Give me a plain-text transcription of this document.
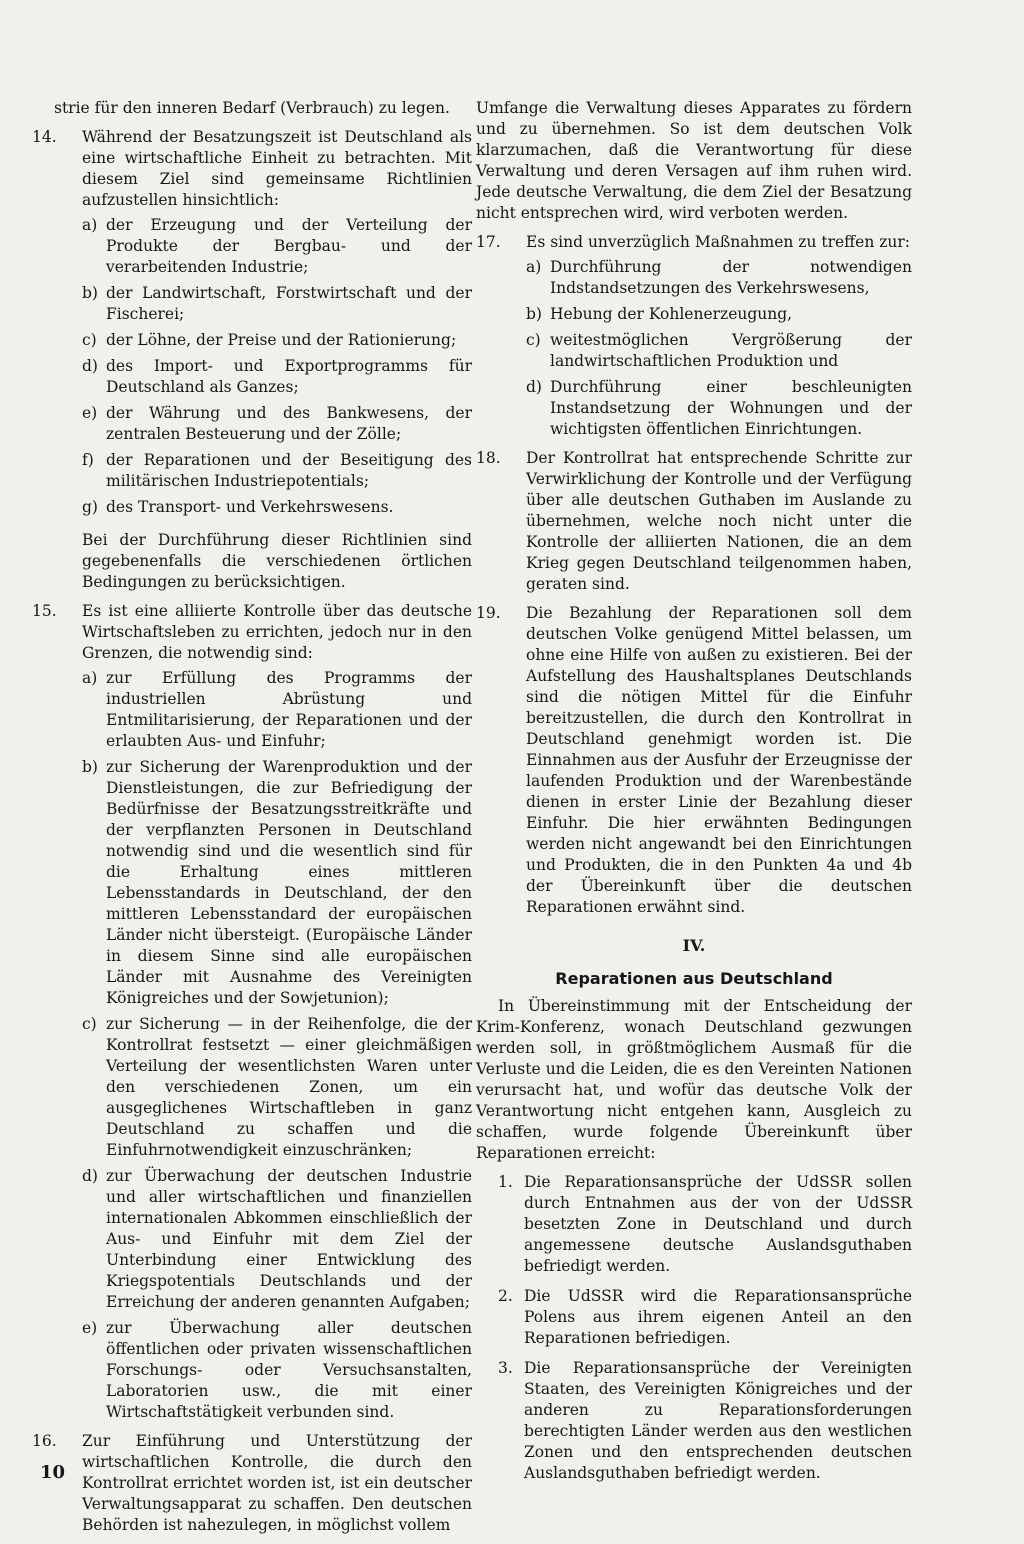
strie für den inneren Bedarf (Verbrauch) zu legen.

14. Während der Besatzungszeit ist Deutschland als eine wirtschaftliche Einheit zu betrachten. Mit diesem Ziel sind gemeinsame Richtlinien aufzustellen hinsichtlich:
a) der Erzeugung und der Verteilung der Produkte der Bergbau- und der verarbeitenden Industrie;
b) der Landwirtschaft, Forstwirtschaft und der Fischerei;
c) der Löhne, der Preise und der Rationierung;
d) des Import- und Exportprogramms für Deutschland als Ganzes;
e) der Währung und des Bankwesens, der zentralen Besteuerung und der Zölle;
f) der Reparationen und der Beseitigung des militärischen Industriepotentials;
g) des Transport- und Verkehrswesens.
Bei der Durchführung dieser Richtlinien sind gegebenenfalls die verschiedenen örtlichen Bedingungen zu berücksichtigen.
15. Es ist eine alliierte Kontrolle über das deutsche Wirtschaftsleben zu errichten, jedoch nur in den Grenzen, die notwendig sind:
a) zur Erfüllung des Programms der industriellen Abrüstung und Entmilitarisierung, der Reparationen und der erlaubten Aus- und Einfuhr;
b) zur Sicherung der Warenproduktion und der Dienstleistungen, die zur Befriedigung der Bedürfnisse der Besatzungsstreitkräfte und der verpflanzten Personen in Deutschland notwendig sind und die wesentlich sind für die Erhaltung eines mittleren Lebensstandards in Deutschland, der den mittleren Lebensstandard der europäischen Länder nicht übersteigt. (Europäische Länder in diesem Sinne sind alle europäischen Länder mit Ausnahme des Vereinigten Königreiches und der Sowjetunion);
c) zur Sicherung — in der Reihenfolge, die der Kontrollrat festsetzt — einer gleichmäßigen Verteilung der wesentlichsten Waren unter den verschiedenen Zonen, um ein ausgeglichenes Wirtschaftleben in ganz Deutschland zu schaffen und die Einfuhrnotwendigkeit einzuschränken;
d) zur Überwachung der deutschen Industrie und aller wirtschaftlichen und finanziellen internationalen Abkommen einschließlich der Aus- und Einfuhr mit dem Ziel der Unterbindung einer Entwicklung des Kriegspotentials Deutschlands und der Erreichung der anderen genannten Aufgaben;
e) zur Überwachung aller deutschen öffentlichen oder privaten wissenschaftlichen Forschungs- oder Versuchsanstalten, Laboratorien usw., die mit einer Wirtschaftstätigkeit verbunden sind.
16. Zur Einführung und Unterstützung der wirtschaftlichen Kontrolle, die durch den Kontrollrat errichtet worden ist, ist ein deutscher Verwaltungsapparat zu schaffen. Den deutschen Behörden ist nahezulegen, in möglichst vollem

Umfange die Verwaltung dieses Apparates zu fördern und zu übernehmen. So ist dem deutschen Volk klarzumachen, daß die Verantwortung für diese Verwaltung und deren Versagen auf ihm ruhen wird. Jede deutsche Verwaltung, die dem Ziel der Besatzung nicht entsprechen wird, wird verboten werden.

17. Es sind unverzüglich Maßnahmen zu treffen zur:
a) Durchführung der notwendigen Indstandsetzungen des Verkehrswesens,
b) Hebung der Kohlenerzeugung,
c) weitestmöglichen Vergrößerung der landwirtschaftlichen Produktion und
d) Durchführung einer beschleunigten Instandsetzung der Wohnungen und der wichtigsten öffentlichen Einrichtungen.
18. Der Kontrollrat hat entsprechende Schritte zur Verwirklichung der Kontrolle und der Verfügung über alle deutschen Guthaben im Auslande zu übernehmen, welche noch nicht unter die Kontrolle der alliierten Nationen, die an dem Krieg gegen Deutschland teilgenommen haben, geraten sind.
19. Die Bezahlung der Reparationen soll dem deutschen Volke genügend Mittel belassen, um ohne eine Hilfe von außen zu existieren. Bei der Aufstellung des Haushaltsplanes Deutschlands sind die nötigen Mittel für die Einfuhr bereitzustellen, die durch den Kontrollrat in Deutschland genehmigt worden ist. Die Einnahmen aus der Ausfuhr der Erzeugnisse der laufenden Produktion und der Warenbestände dienen in erster Linie der Bezahlung dieser Einfuhr. Die hier erwähnten Bedingungen werden nicht angewandt bei den Einrichtungen und Produkten, die in den Punkten 4a und 4b der Übereinkunft über die deutschen Reparationen erwähnt sind.
IV.
Reparationen aus Deutschland

In Übereinstimmung mit der Entscheidung der Krim-Konferenz, wonach Deutschland gezwungen werden soll, in größtmöglichem Ausmaß für die Verluste und die Leiden, die es den Vereinten Nationen verursacht hat, und wofür das deutsche Volk der Verantwortung nicht entgehen kann, Ausgleich zu schaffen, wurde folgende Übereinkunft über Reparationen erreicht:

1. Die Reparationsansprüche der UdSSR sollen durch Entnahmen aus der von der UdSSR besetzten Zone in Deutschland und durch angemessene deutsche Auslandsguthaben befriedigt werden.
2. Die UdSSR wird die Reparationsansprüche Polens aus ihrem eigenen Anteil an den Reparationen befriedigen.
3. Die Reparationsansprüche der Vereinigten Staaten, des Vereinigten Königreiches und der anderen zu Reparationsforderungen berechtigten Länder werden aus den westlichen Zonen und den entsprechenden deutschen Auslandsguthaben befriedigt werden.
10
